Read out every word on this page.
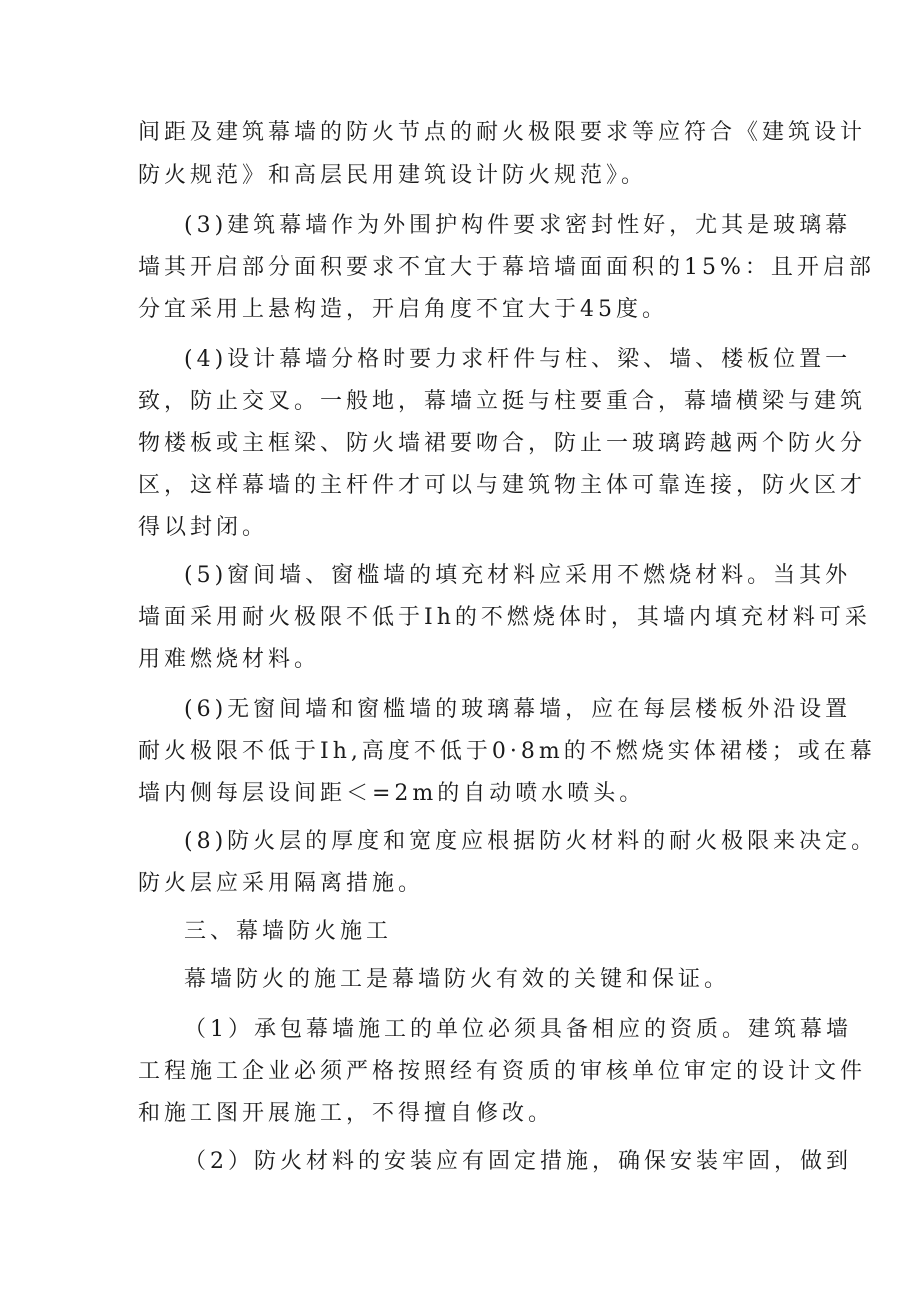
间距及建筑幕墙的防火节点的耐火极限要求等应符合《建筑设计
防火规范》和高层民用建筑设计防火规范》。
(3)建筑幕墙作为外围护构件要求密封性好，尤其是玻璃幕
墙其开启部分面积要求不宜大于幕培墙面面积的15%：且开启部
分宜采用上悬构造，开启角度不宜大于45度。
(4)设计幕墙分格时要力求杆件与柱、梁、墙、楼板位置一
致，防止交叉。一般地，幕墙立挺与柱要重合，幕墙横梁与建筑
物楼板或主框梁、防火墙裙要吻合，防止一玻璃跨越两个防火分
区，这样幕墙的主杆件才可以与建筑物主体可靠连接，防火区才
得以封闭。
(5)窗间墙、窗槛墙的填充材料应采用不燃烧材料。当其外
墙面采用耐火极限不低于Ih的不燃烧体时，其墙内填充材料可采
用难燃烧材料。
(6)无窗间墙和窗槛墙的玻璃幕墙，应在每层楼板外沿设置
耐火极限不低于Ih,高度不低于0·8m的不燃烧实体裙楼；或在幕
墙内侧每层设间距＜=2m的自动喷水喷头。
(8)防火层的厚度和宽度应根据防火材料的耐火极限来决定。
防火层应采用隔离措施。
三、幕墙防火施工
幕墙防火的施工是幕墙防火有效的关键和保证。
（1）承包幕墙施工的单位必须具备相应的资质。建筑幕墙
工程施工企业必须严格按照经有资质的审核单位审定的设计文件
和施工图开展施工，不得擅自修改。
（2）防火材料的安装应有固定措施，确保安装牢固，做到
